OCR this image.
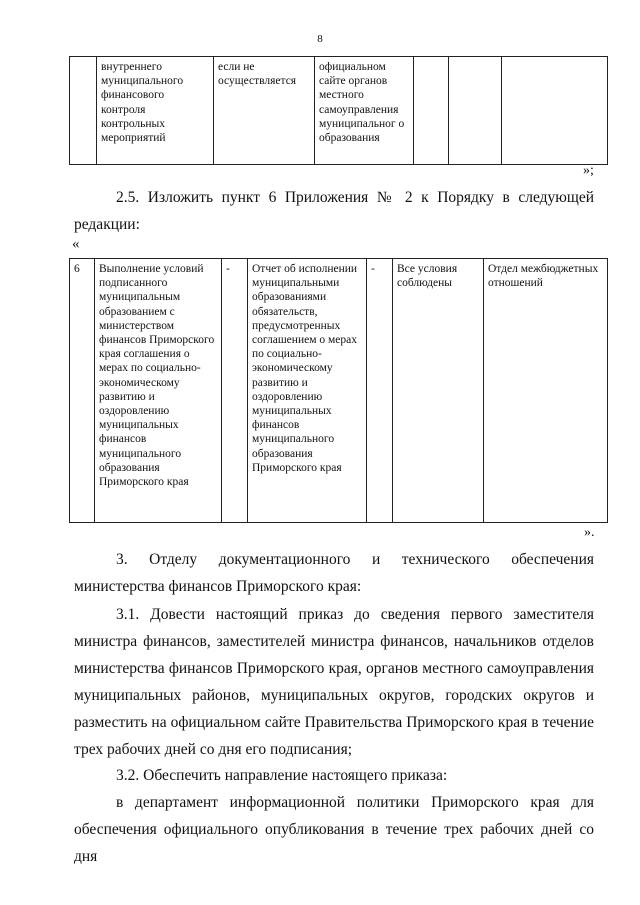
8
	внутреннего муниципального финансового контроля контрольных мероприятий	если не осуществляется	официальном сайте органов местного самоуправления муниципальног о образования			
»;

2.5. Изложить пункт 6 Приложения № 2 к Порядку в следующей редакции:

«
6	Выполнение условий подписанного муниципальным образованием с министерством финансов Приморского края соглашения о мерах по социально-экономическому развитию и оздоровлению муниципальных финансов муниципального образования Приморского края	-	Отчет об исполнении муниципальными образованиями обязательств, предусмотренных соглашением о мерах по социально-экономическому развитию и оздоровлению муниципальных финансов муниципального образования Приморского края	-	Все условия соблюдены	Отдел межбюджетных отношений
».

3. Отделу документационного и технического обеспечения министерства финансов Приморского края:

3.1. Довести настоящий приказ до сведения первого заместителя министра финансов, заместителей министра финансов, начальников отделов министерства финансов Приморского края, органов местного самоуправления муниципальных районов, муниципальных округов, городских округов и разместить на официальном сайте Правительства Приморского края в течение трех рабочих дней со дня его подписания;

3.2. Обеспечить направление настоящего приказа:

в департамент информационной политики Приморского края для обеспечения официального опубликования в течение трех рабочих дней со дня
